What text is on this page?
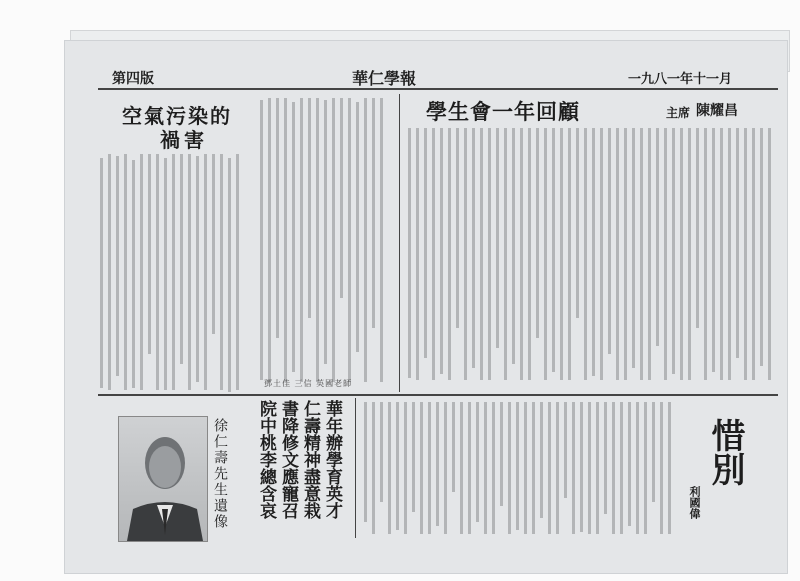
第四版	華仁學報	一九八一年十一月
空氣污染的
禍害
鄧土佳 三信 英國老師
學生會一年回顧	主席 陳耀昌
徐仁壽先生遺像	華年辦學育英才
仁壽精神盡意栽
書降修文應寵召
院中桃李總含哀	惜別
利國偉
